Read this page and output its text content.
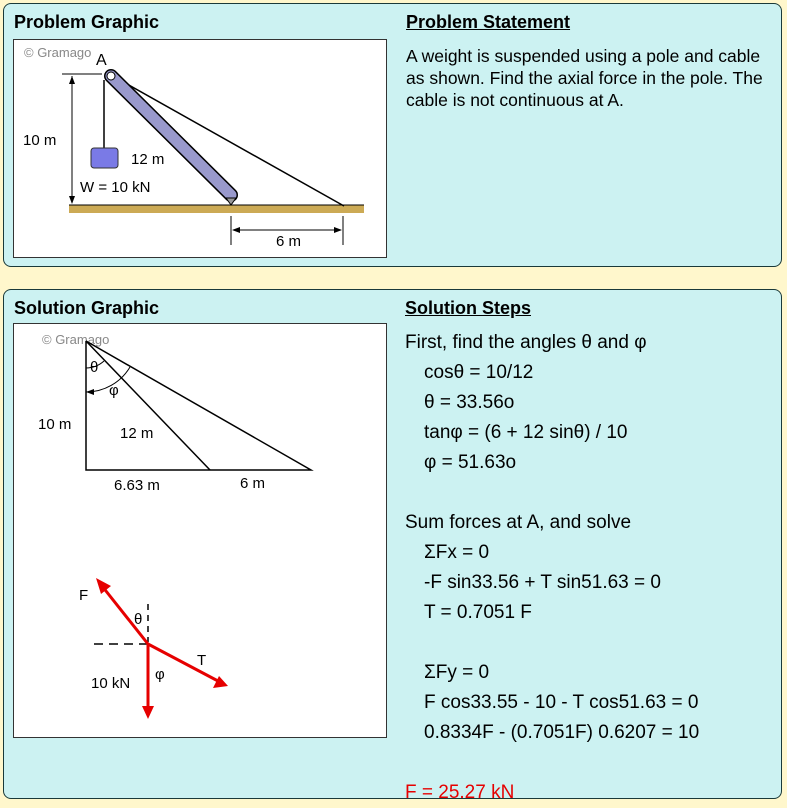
Problem Graphic	Problem Statement
© Gramago
10 m
A
12 m
W = 10 kN
6 m
A weight is suspended using a pole and cable as shown. Find the axial force in the pole. The cable is not continuous at A.
Solution Graphic	Solution Steps
© Gramago
θ
φ
10 m
12 m
6.63 m	6 m
F
θ
T
10 kN
φ
First, find the angles θ and φ
cosθ = 10/12
θ = 33.56o
tanφ = (6 + 12 sinθ) / 10
φ = 51.63o
Sum forces at A, and solve
ΣFx = 0
-F sin33.56 + T sin51.63 = 0
T = 0.7051 F
ΣFy = 0
F cos33.55 - 10 - T cos51.63 = 0
0.8334F - (0.7051F) 0.6207 = 10
F = 25.27 kN
